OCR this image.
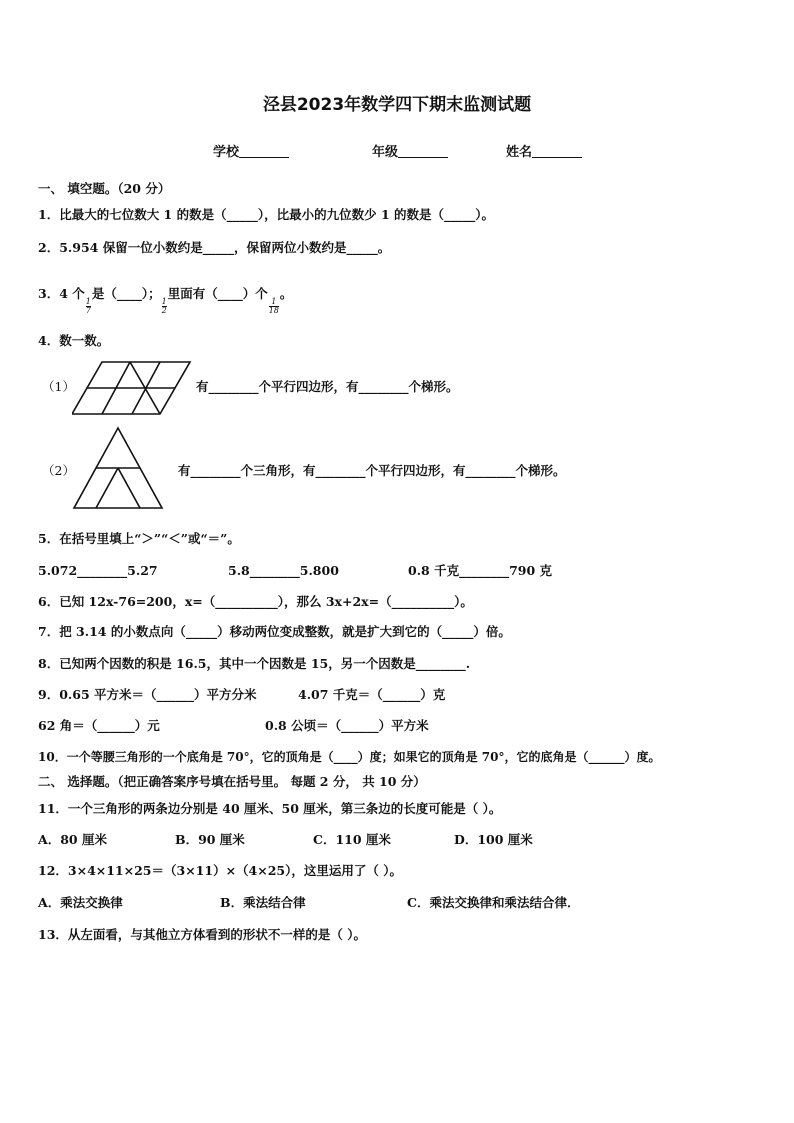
泾县2023年数学四下期末监测试题
学校	年级	姓名
一、 填空题。（20 分）
1．比最大的七位数大 1 的数是（_____），比最小的九位数少 1 的数是（_____）。
2．5.954 保留一位小数约是_____，保留两位小数约是_____。
3．4 个
$\frac{1}{7}$
是（____）；
$\frac{1}{2}$
里面有（____）个
$\frac{1}{18}$
。
4．数一数。
（1）	有________个平行四边形，有________个梯形。
（2）	有________个三角形，有________个平行四边形，有________个梯形。
5．在括号里填上“＞”“＜”或“＝”。
5.072________5.27	5.8________5.800	0.8 千克________790 克
6．已知 12x-76=200，x=（__________），那么 3x+2x=（__________）。
7．把 3.14 的小数点向（_____）移动两位变成整数，就是扩大到它的（_____）倍。
8．已知两个因数的积是 16.5，其中一个因数是 15，另一个因数是________.
9．0.65 平方米＝（______）平方分米	4.07 千克＝（______）克
62 角＝（______）元	0.8 公顷＝（______）平方米
10．一个等腰三角形的一个底角是 70°，它的顶角是（____）度；如果它的顶角是 70°，它的底角是（______）度。
二、 选择题。（把正确答案序号填在括号里。 每题 2 分， 共 10 分）
11．一个三角形的两条边分别是 40 厘米、50 厘米，第三条边的长度可能是（ ）。
A．80 厘米	B．90 厘米	C．110 厘米	D．100 厘米
12．3×4×11×25＝（3×11）×（4×25），这里运用了（ ）。
A．乘法交换律	B．乘法结合律	C．乘法交换律和乘法结合律．
13．从左面看，与其他立方体看到的形状不一样的是（ ）。
